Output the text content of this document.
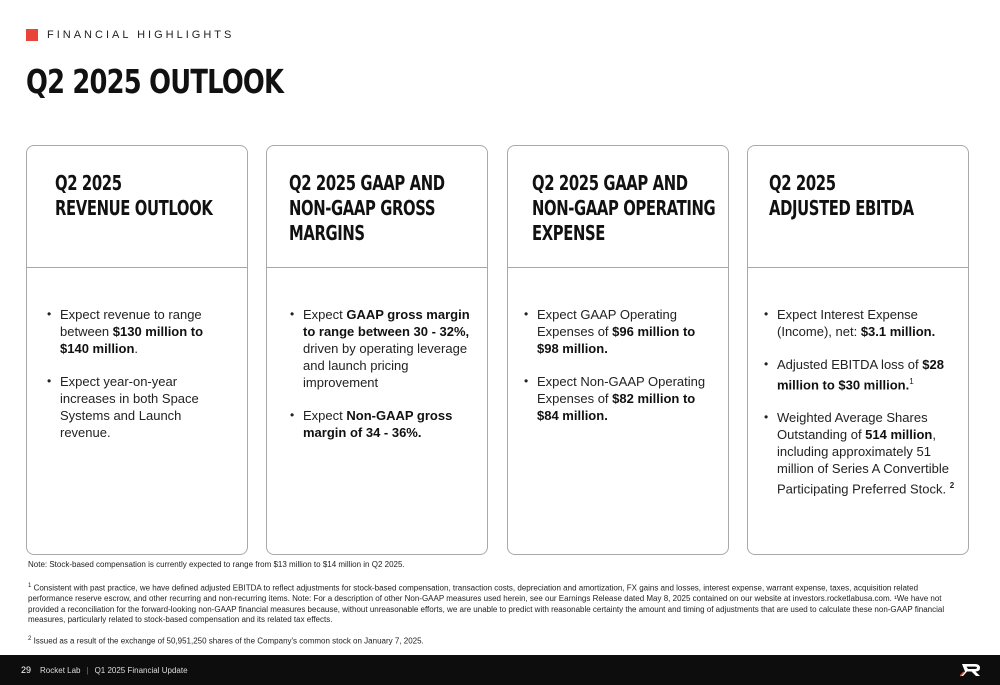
FINANCIAL HIGHLIGHTS
Q2 2025 OUTLOOK
Q2 2025
REVENUE OUTLOOK
• Expect revenue to range between $130 million to $140 million.
• Expect year-on-year increases in both Space Systems and Launch revenue.
Q2 2025 GAAP AND
NON-GAAP GROSS MARGINS
• Expect GAAP gross margin to range between 30 - 32%, driven by operating leverage and launch pricing improvement
• Expect Non-GAAP gross margin of 34 - 36%.
Q2 2025 GAAP AND
NON-GAAP OPERATING
EXPENSE
• Expect GAAP Operating Expenses of $96 million to $98 million.
• Expect Non-GAAP Operating Expenses of $82 million to $84 million.
Q2 2025
ADJUSTED EBITDA
• Expect Interest Expense (Income), net: $3.1 million.
• Adjusted EBITDA loss of $28 million to $30 million.$^1$
• Weighted Average Shares Outstanding of 514 million, including approximately 51 million of Series A Convertible Participating Preferred Stock. $^2$

Note: Stock-based compensation is currently expected to range from $13 million to $14 million in Q2 2025.

$^1$ Consistent with past practice, we have defined adjusted EBITDA to reflect adjustments for stock-based compensation, transaction costs, depreciation and amortization, FX gains and losses, interest expense, warrant expense, taxes, acquisition related performance reserve escrow, and other recurring and non-recurring items. Note: For a description of other Non-GAAP measures used herein, see our Earnings Release dated May 8, 2025 contained on our website at investors.rocketlabusa.com. ¹We have not provided a reconciliation for the forward-looking non-GAAP financial measures because, without unreasonable efforts, we are unable to predict with reasonable certainty the amount and timing of adjustments that are used to calculate these non-GAAP financial measures, particularly related to stock-based compensation and its related tax effects.

$^2$ Issued as a result of the exchange of 50,951,250 shares of the Company's common stock on January 7, 2025.

29 Rocket Lab | Q1 2025 Financial Update
